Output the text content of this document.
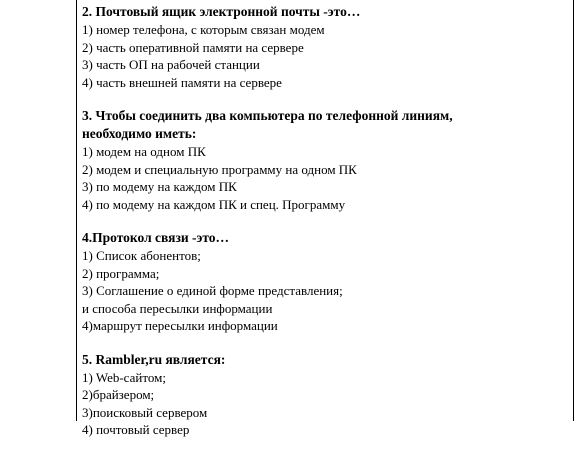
2. Почтовый ящик электронной почты -это…

1) номер телефона, с которым связан модем

2) часть оперативной памяти на сервере

3) часть ОП на рабочей станции

4) часть внешней памяти на сервере

3. Чтобы соединить два компьютера по телефонной линиям,
необходимо иметь:

1) модем на одном ПК

2) модем и специальную программу на одном ПК

3) по модему на каждом ПК

4) по модему на каждом ПК и спец. Программу

4.Протокол связи -это…

1) Список абонентов;

2) программа;

3) Соглашение о единой форме представления;

и способа пересылки информации

4)маршрут пересылки информации

5. Rambler,ru является:

1) Web-сайтом;

2)брайзером;

3)поисковый сервером

4) почтовый сервер
